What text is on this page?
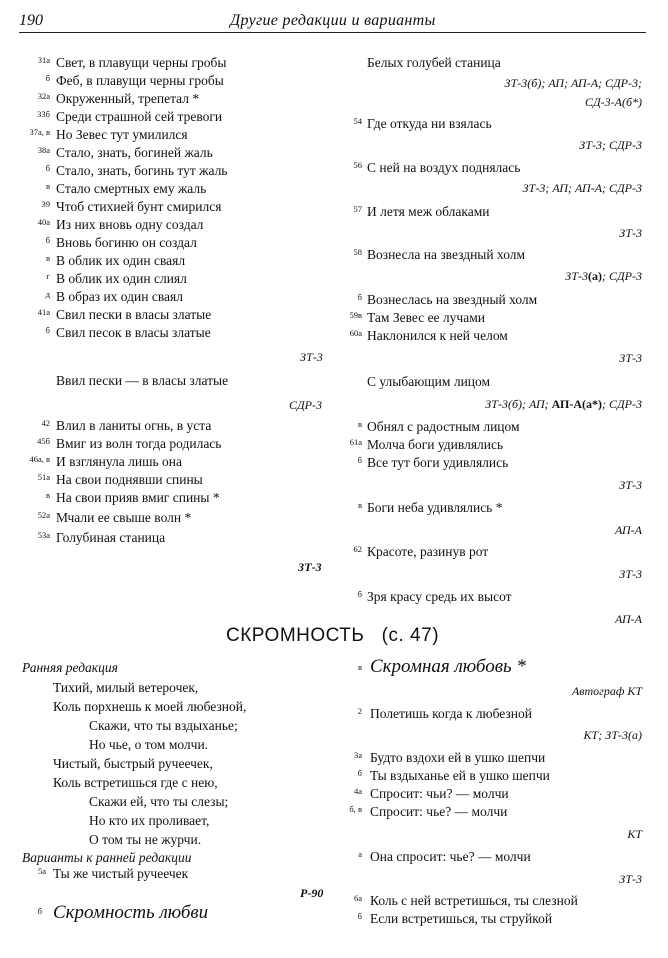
190	Другие редакции и варианты
31а Свет, в плавущи черны гробы
б Феб, в плавущи черны гробы
32а Окруженный, трепетал *
33б Среди страшной сей тревоги
37а, в Но Зевес тут умилился
38а Стало, знать, богиней жаль
б Стало, знать, богинь тут жаль
в Стало смертных ему жаль
39 Чтоб стихией бунт смирился
40а Из них вновь одну создал
б Вновь богиню он создал
в В облик их один сваял
г В облик их один слиял
д В образ их один сваял
41а Свил пески в власы златые
б Свил песок в власы златые
ЗТ-3
Ввил пески — в власы златые
СДР-3
42 Влил в ланиты огнь, в уста
45б Вмиг из волн тогда родилась
46а, в И взглянула лишь она
51а На свои поднявши спины
в На свои прияв вмиг спины *
52а Мчали ее свыше волн *
53а Голубиная станица
ЗТ-3
Белых голубей станица
ЗТ-3(б); АП; АП-А; СДР-3;
СД-3-А(б*)
54 Где откуда ни взялась
ЗТ-3; СДР-3
56 С ней на воздух поднялась
ЗТ-3; АП; АП-А; СДР-3
57 И летя меж облаками
ЗТ-3
58 Вознесла на звездный холм
ЗТ-3(а); СДР-3
б Вознеслась на звездный холм
59в Там Зевес ее лучами
60а Наклонился к ней челом
ЗТ-3
С улыбающим лицом
ЗТ-3(б); АП; АП-А(а*); СДР-3
в Обнял с радостным лицом
61а Молча боги удивлялись
б Все тут боги удивлялись
ЗТ-3
в Боги неба удивлялись *
АП-А
62 Красоте, разинув рот
ЗТ-3
б Зря красу средь их высот
АП-А
СКРОМНОСТЬ (с. 47)
Ранняя редакция
Тихий, милый ветерочек,
Коль порхнешь к моей любезной,
Скажи, что ты вздыханье;
Но чье, о том молчи.
Чистый, быстрый ручеечек,
Коль встретишься где с нею,
Скажи ей, что ты слезы;
Но кто их проливает,
О том ты не журчи.
Варианты к ранней редакции
5а Ты же чистый ручеечек
Р-90
б Скромность любви
в Скромная любовь *
Автограф КТ
2 Полетишь когда к любезной
КТ; ЗТ-3(а)
3а Будто вздохи ей в ушко шепчи
б Ты вздыханье ей в ушко шепчи
4а Спросит: чьи? — молчи
б, в Спросит: чье? — молчи
КТ
а Она спросит: чье? — молчи
ЗТ-3
6а Коль с ней встретишься, ты слезной
б Если встретишься, ты струйкой
